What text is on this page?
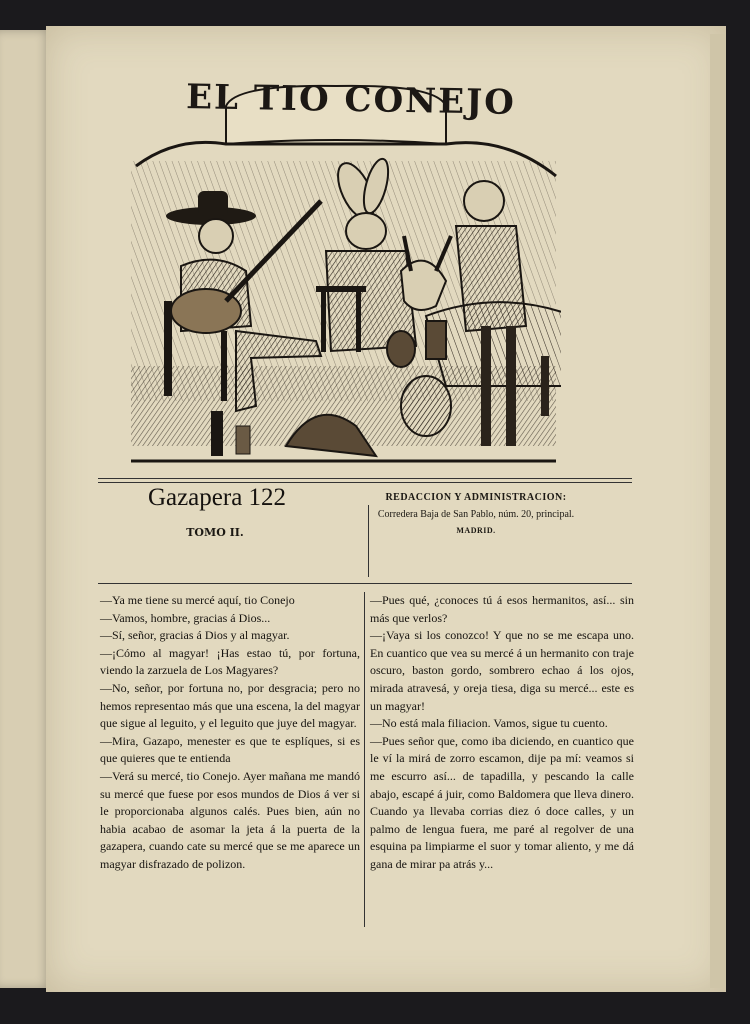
EL TIO CONEJO
Gazapera 122
TOMO II.
REDACCION Y ADMINISTRACION:
Corredera Baja de San Pablo, núm. 20, principal.
MADRID.

—Ya me tiene su mercé aquí, tio Conejo

—Vamos, hombre, gracias á Dios...

—Sí, señor, gracias á Dios y al magyar.

—¡Cómo al magyar! ¡Has estao tú, por fortuna, viendo la zarzuela de Los Magyares?

—No, señor, por fortuna no, por desgracia; pero no hemos representao más que una escena, la del magyar que sigue al leguito, y el leguito que juye del magyar.

—Mira, Gazapo, menester es que te esplíques, si es que quieres que te entienda

—Verá su mercé, tio Conejo. Ayer mañana me mandó su mercé que fuese por esos mundos de Dios á ver si le proporcionaba algunos calés. Pues bien, aún no habia acabao de asomar la jeta á la puerta de la gazapera, cuando cate su mercé que se me aparece un magyar disfrazado de polizon.

—Pues qué, ¿conoces tú á esos hermanitos, así... sin más que verlos?

—¡Vaya si los conozco! Y que no se me escapa uno. En cuantico que vea su mercé á un hermanito con traje oscuro, baston gordo, sombrero echao á los ojos, mirada atravesá, y oreja tiesa, diga su mercé... este es un magyar!

—No está mala filiacion. Vamos, sigue tu cuento.

—Pues señor que, como iba diciendo, en cuantico que le ví la mirá de zorro escamon, dije pa mí: veamos si me escurro así... de tapadilla, y pescando la calle abajo, escapé á juir, como Baldomera que lleva dinero. Cuando ya llevaba corrias diez ó doce calles, y un palmo de lengua fuera, me paré al regolver de una esquina pa limpiarme el suor y tomar aliento, y me dá gana de mirar pa atrás y...
